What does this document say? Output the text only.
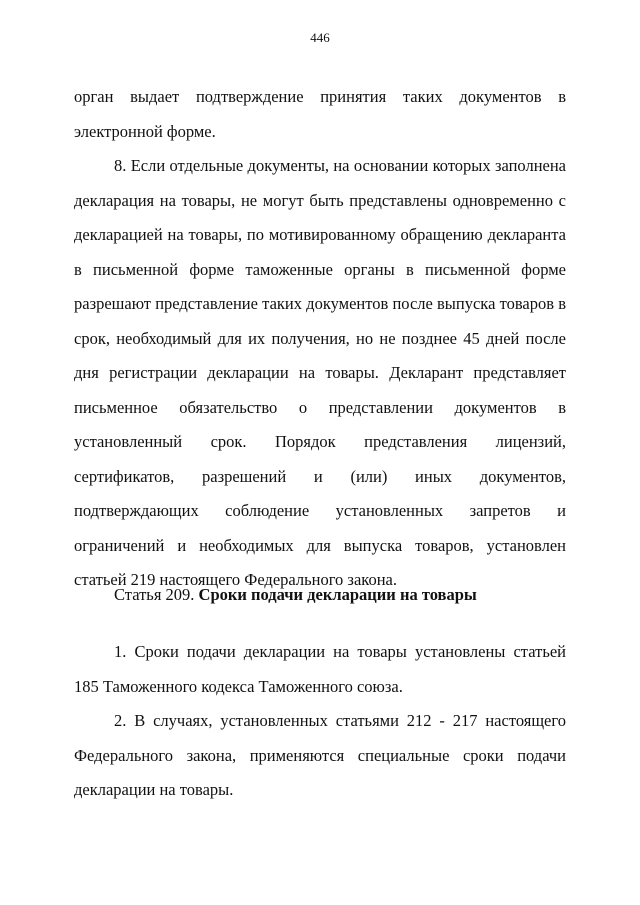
446

орган выдает подтверждение принятия таких документов в электронной форме.

8. Если отдельные документы, на основании которых заполнена декларация на товары, не могут быть представлены одновременно с декларацией на товары, по мотивированному обращению декларанта в письменной форме таможенные органы в письменной форме разрешают представление таких документов после выпуска товаров в срок, необходимый для их получения, но не позднее 45 дней после дня регистрации декларации на товары. Декларант представляет письменное обязательство о представлении документов в установленный срок. Порядок представления лицензий, сертификатов, разрешений и (или) иных документов, подтверждающих соблюдение установленных запретов и ограничений и необходимых для выпуска товаров, установлен статьей 219 настоящего Федерального закона.

Статья 209. Сроки подачи декларации на товары

1. Сроки подачи декларации на товары установлены статьей 185 Таможенного кодекса Таможенного союза.

2. В случаях, установленных статьями 212 - 217 настоящего Федерального закона, применяются специальные сроки подачи декларации на товары.
